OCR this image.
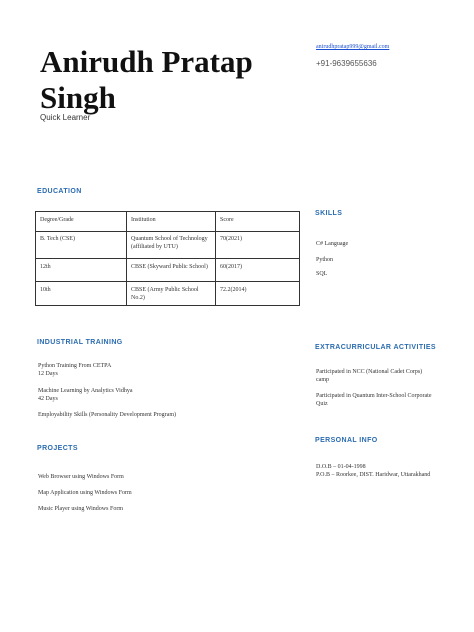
Anirudh Pratap
Singh
Quick Learner
anirudhpratap999@gmail.com
+91-9639655636
EDUCATION
Degree/Grade	Institution	Score
B. Tech (CSE)	Quantum School of Technology (affiliated by UTU)	70(2021)
12th	CBSE (Skyward Public School)	60(2017)
10th	CBSE (Army Public School No.2)	72.2(2014)
INDUSTRIAL TRAINING
Python Training From CETPA
12 Days
Machine Learning by Analytics Vidhya
42 Days
Employability Skills (Personality Development Program)
PROJECTS
Web Browser using Windows Form
Map Application using Windows Form
Music Player using Windows Form
SKILLS
C# Language
Python
SQL
EXTRACURRICULAR ACTIVITIES
Participated in NCC (National Cadet Corps) camp
Participated in Quantum Inter-School Corporate Quiz
PERSONAL INFO
D.O.B – 01-04-1998
P.O.B – Roorkee, DIST. Haridwar, Uttarakhand
